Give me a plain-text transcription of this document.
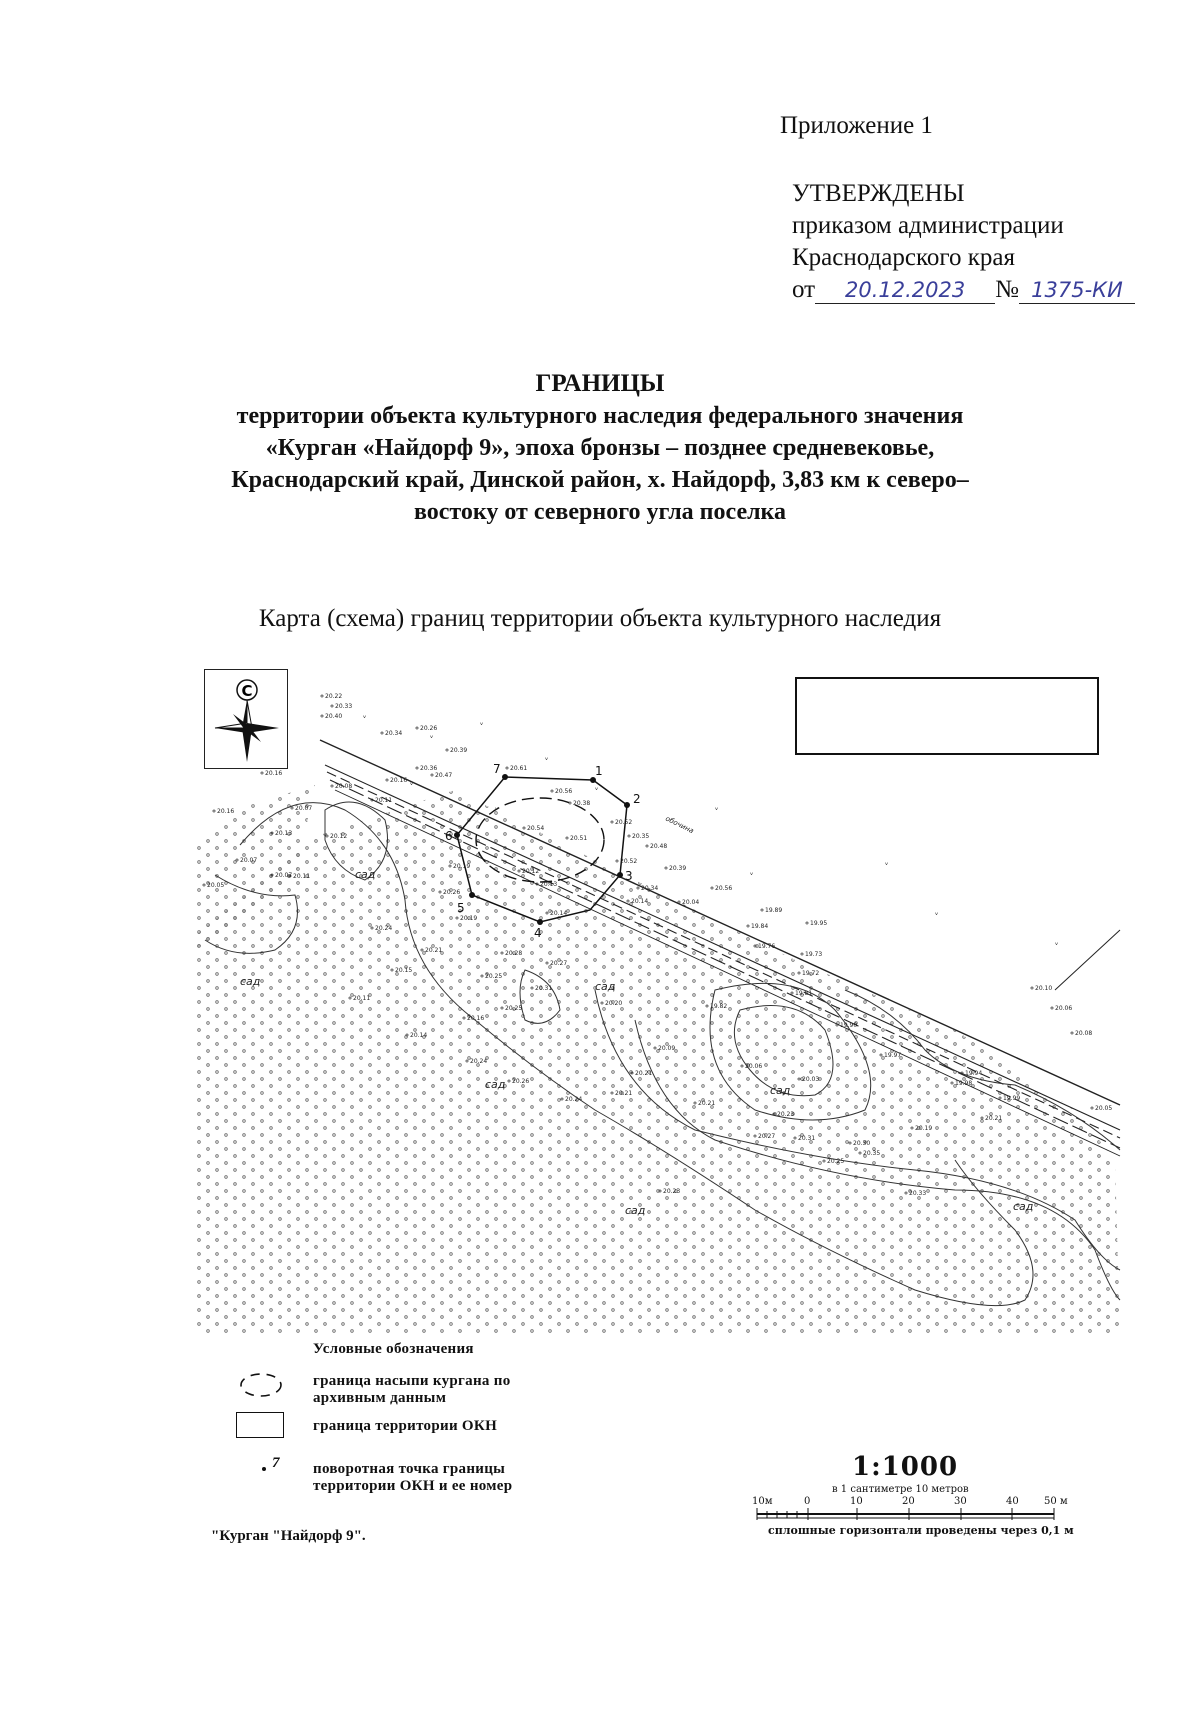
Приложение 1
УТВЕРЖДЕНЫ
приказом администрации
Краснодарского края
от 20.12.2023 № 1375-КИ
ГРАНИЦЫ
территории объекта культурного наследия федерального значения
«Курган «Найдорф 9», эпоха бронзы – позднее средневековье,
Краснодарский край, Динской район, х. Найдорф, 3,83 км к северо–
востоку от северного угла поселка
Карта (схема) границ территории объекта культурного наследия
С
1
2
3
4
5
6
7
обочина
сад
сад	сад
сад	сад
сад	сад
ᵥ
ᵥ
ᵥ
ᵥ
ᵥ
ᵥ
ᵥ
ᵥ
ᵥ
ᵥ
ᵥ
ᵥ
20.22
20.33
20.40
20.34
20.26
20.16
20.08
20.16
20.11
20.16	20.07
20.13	20.12
20.07
20.07 20.11
20.05
20.36
20.47
20.39
20.61
20.56
20.38
20.52
20.54
20.51	20.35
20.48
20.52
20.19
20.12
20.26
20.13
20.14
20.24
20.19
20.21
20.15
20.28
20.25
20.27
20.31
20.20
20.25
20.11
20.14
20.16
20.24
20.26
20.24
20.21
20.21
20.09
20.06
20.03
20.21
20.23
20.27	20.31
20.30
20.35
20.25
20.23	20.33
20.19
20.21
19.99
19.94
19.97
19.90
19.82
19.81
19.72
19.73
19.76
19.84
19.89
20.04
20.14
20.34
20.39
20.56
19.95
19.98
20.06
20.08
20.10
20.05
Условные обозначения
граница насыпи кургана по архивным данным
граница территории ОКН
7 поворотная точка границы территории ОКН и ее номер
1:1000
в 1 сантиметре 10 метров
10м	0	10	20	30	40	50 м
сплошные горизонтали проведены через 0,1 м
"Курган "Найдорф 9".
